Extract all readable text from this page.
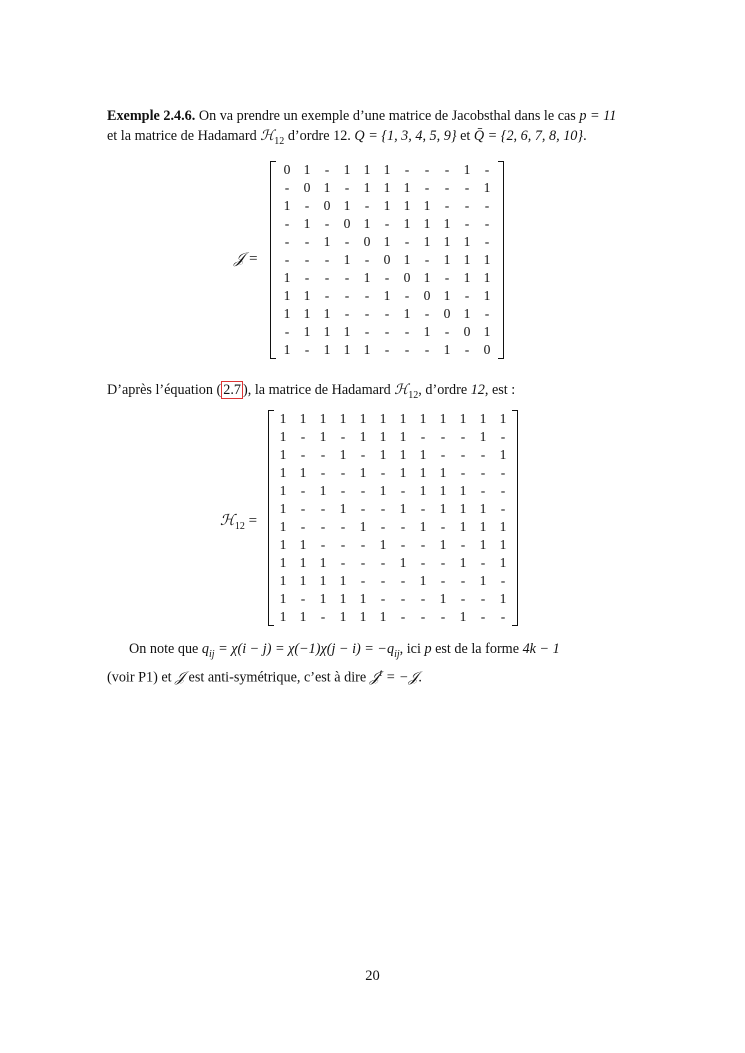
Exemple 2.4.6. On va prendre un exemple d’une matrice de Jacobsthal dans le cas p = 11
et la matrice de Hadamard ℋ$_{12}$ d’ordre 12. Q = {1, 3, 4, 5, 9} et Q̄ = {2, 6, 7, 8, 10}.
𝒥 =
0 1	-	1 1 1	-	-	-	1	-
-	0 1	-	1 1 1	-	-	-	1
1	-	0 1	-	1 1 1	-	-	-
-	1	-	0 1	-	1 1 1	-	-
-	-	1	-	0 1	-	1 1 1	-
-	-	-	1	-	0 1	-	1 1 1
1	-	-	-	1	-	0 1	-	1 1
1 1	-	-	-	1	-	0 1	-	1
1 1 1	-	-	-	1	-	0 1	-
-	1 1 1	-	-	-	1	-	0 1
1	-	1 1 1	-	-	-	1	-	0
D’après l’équation ( 2.7 ), la matrice de Hadamard ℋ$_{12}$, d’ordre 12, est :
ℋ$_{12}$ =
1 1 1 1 1 1 1 1 1 1 1 1
1	-	1	-	1 1 1	-	-	-	1	-
1	-	-	1	-	1 1 1	-	-	-	1
1 1	-	-	1	-	1 1 1	-	-	-
1	-	1	-	-	1	-	1 1 1	-	-
1	-	-	1	-	-	1	-	1 1 1	-
1	-	-	-	1	-	-	1	-	1 1 1
1 1	-	-	-	1	-	-	1	-	1 1
1 1 1	-	-	-	1	-	-	1	-	1
1 1 1 1	-	-	-	1	-	-	1	-
1	-	1 1 1	-	-	-	1	-	-	1
1 1	-	1 1 1	-	-	-	1	-	-
On note que $q_{ij} = \chi(i - j) = \chi(-1)\chi(j - i) = -q_{ij}$, ici p est de la forme 4k − 1
(voir P1) et 𝒥 est anti-symétrique, c’est à dire 𝒥$^t$ = −𝒥.
20
